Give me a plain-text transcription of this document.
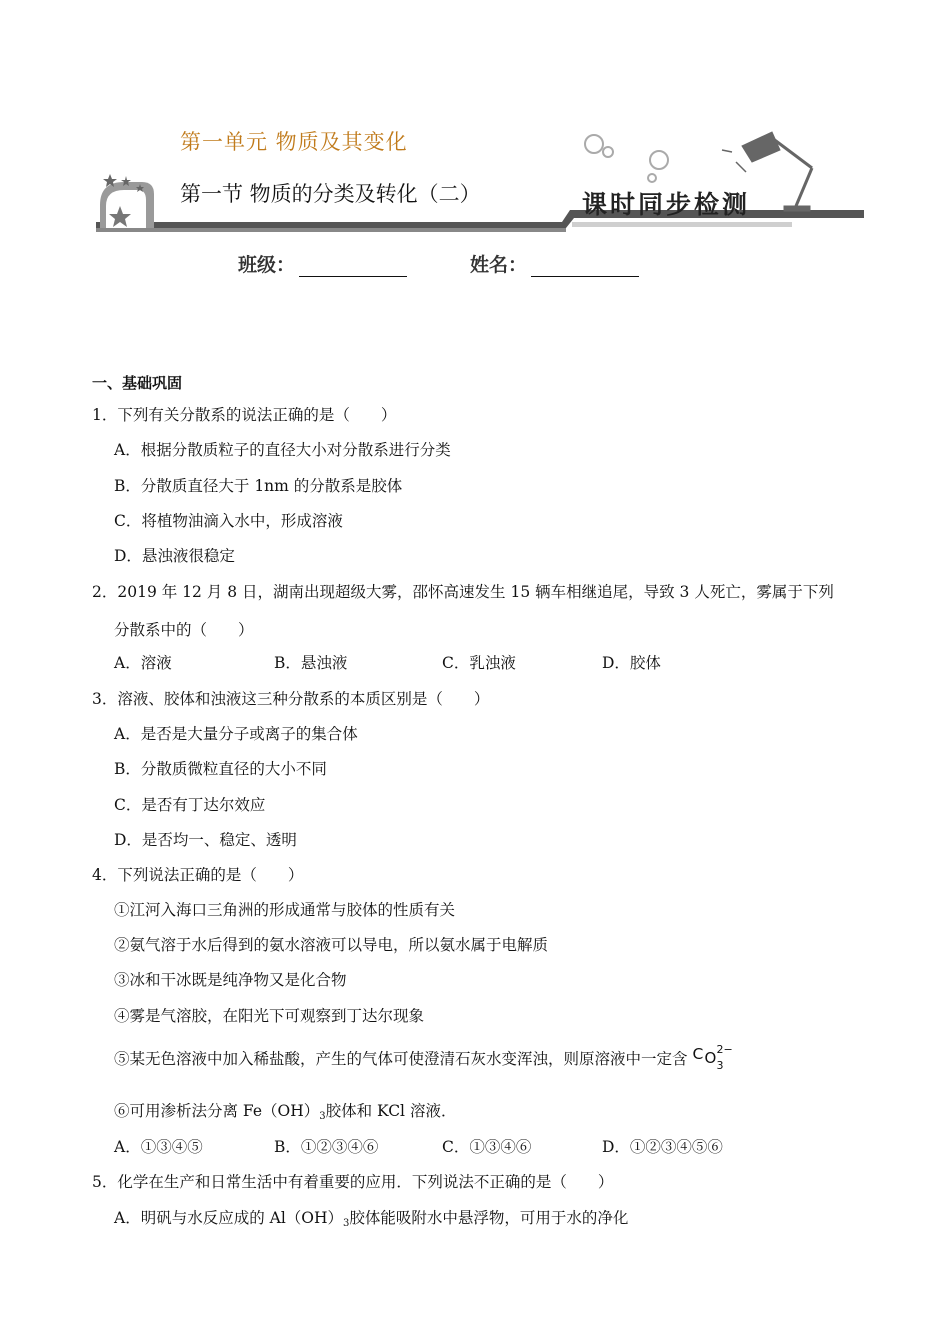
第一单元 物质及其变化
第一节 物质的分类及转化（二）	课时同步检测
班级：	姓名：
一、基础巩固
1．下列有关分散系的说法正确的是（　　）
A．根据分散质粒子的直径大小对分散系进行分类
B．分散质直径大于 1nm 的分散系是胶体
C．将植物油滴入水中，形成溶液
D．悬浊液很稳定
2．2019 年 12 月 8 日，湖南出现超级大雾，邵怀高速发生 15 辆车相继追尾，导致 3 人死亡，雾属于下列
分散系中的（　　）
A．溶液	B．悬浊液	C．乳浊液	D．胶体
3．溶液、胶体和浊液这三种分散系的本质区别是（　　）
A．是否是大量分子或离子的集合体
B．分散质微粒直径的大小不同
C．是否有丁达尔效应
D．是否均一、稳定、透明
4．下列说法正确的是（　　）
①江河入海口三角洲的形成通常与胶体的性质有关
②氨气溶于水后得到的氨水溶液可以导电，所以氨水属于电解质
③冰和干冰既是纯净物又是化合物
④雾是气溶胶，在阳光下可观察到丁达尔现象
⑤某无色溶液中加入稀盐酸，产生的气体可使澄清石灰水变浑浊，则原溶液中一定含 C O 2−
3
⑥可用渗析法分离 $Fe(OH)_3$胶体和 KCl 溶液．
A．①③④⑤	B．①②③④⑥	C．①③④⑥	D．①②③④⑤⑥
5．化学在生产和日常生活中有着重要的应用．下列说法不正确的是（　　）
A．明矾与水反应成的 $Al(OH)_3$胶体能吸附水中悬浮物，可用于水的净化
